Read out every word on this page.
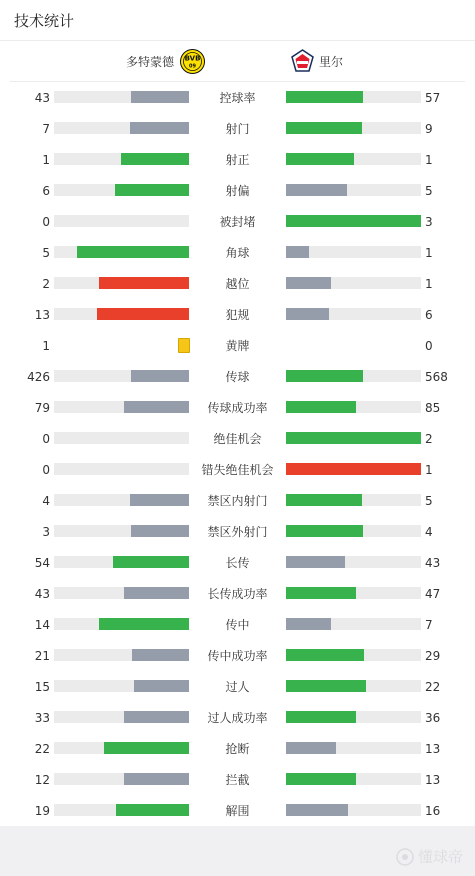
技术统计
多特蒙德 BVB
09	里尔
43	控球率	57
7	射门	9
1	射正	1
6	射偏	5
0	被封堵	3
5	角球	1
2	越位	1
13	犯规	6
1	黄牌	0
426	传球	568
79	传球成功率	85
0	绝佳机会	2
0	错失绝佳机会	1
4	禁区内射门	5
3	禁区外射门	4
54	长传	43
43	长传成功率	47
14	传中	7
21	传中成功率	29
15	过人	22
33	过人成功率	36
22	抢断	13
12	拦截	13
19	解围	16
懂球帝
